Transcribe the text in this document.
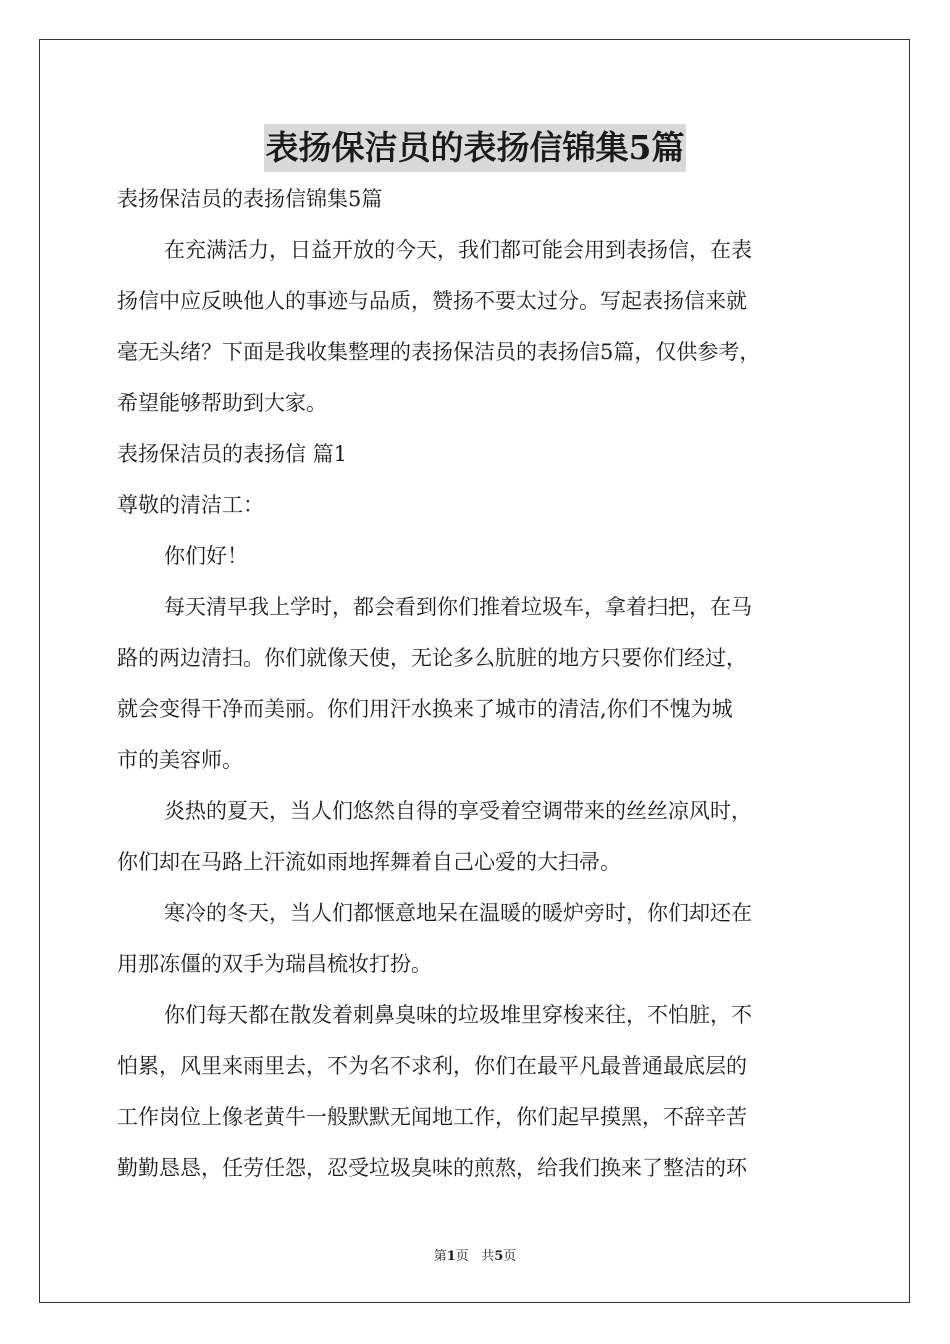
表扬保洁员的表扬信锦集5篇
表扬保洁员的表扬信锦集5篇
在充满活力，日益开放的今天，我们都可能会用到表扬信，在表
扬信中应反映他人的事迹与品质，赞扬不要太过分。写起表扬信来就
毫无头绪？下面是我收集整理的表扬保洁员的表扬信5篇，仅供参考，
希望能够帮助到大家。
表扬保洁员的表扬信 篇1
尊敬的清洁工：
你们好！
每天清早我上学时，都会看到你们推着垃圾车，拿着扫把，在马
路的两边清扫。你们就像天使，无论多么肮脏的地方只要你们经过，
就会变得干净而美丽。你们用汗水换来了城市的清洁,你们不愧为城
市的美容师。
炎热的夏天，当人们悠然自得的享受着空调带来的丝丝凉风时，
你们却在马路上汗流如雨地挥舞着自己心爱的大扫帚。
寒冷的冬天，当人们都惬意地呆在温暖的暖炉旁时，你们却还在
用那冻僵的双手为瑞昌梳妆打扮。
你们每天都在散发着刺鼻臭味的垃圾堆里穿梭来往，不怕脏，不
怕累，风里来雨里去，不为名不求利，你们在最平凡最普通最底层的
工作岗位上像老黄牛一般默默无闻地工作，你们起早摸黑，不辞辛苦
勤勤恳恳，任劳任怨，忍受垃圾臭味的煎熬，给我们换来了整洁的环
第1页   共5页
